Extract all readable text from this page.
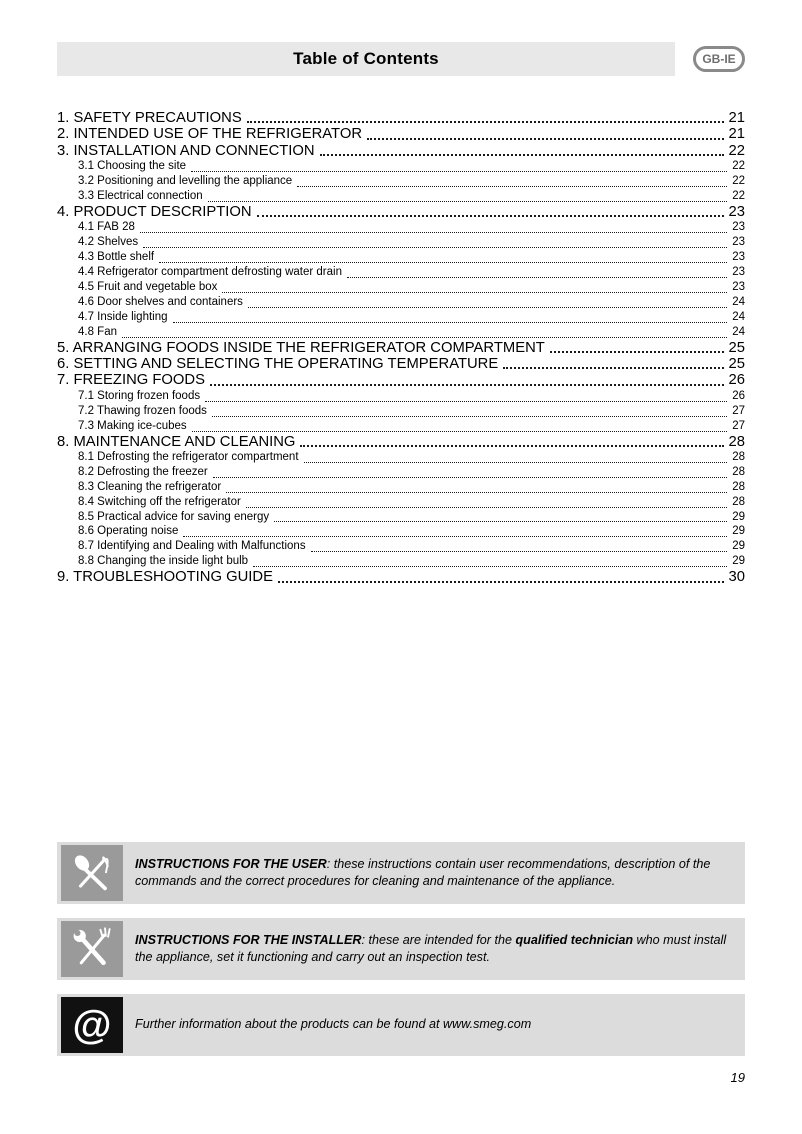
Table of Contents	GB-IE
1. SAFETY PRECAUTIONS	21
2. INTENDED USE OF THE REFRIGERATOR	21
3. INSTALLATION AND CONNECTION	22
3.1 Choosing the site	22
3.2 Positioning and levelling the appliance	22
3.3 Electrical connection	22
4. PRODUCT DESCRIPTION	23
4.1 FAB 28	23
4.2 Shelves	23
4.3 Bottle shelf	23
4.4 Refrigerator compartment defrosting water drain	23
4.5 Fruit and vegetable box	23
4.6 Door shelves and containers	24
4.7 Inside lighting	24
4.8 Fan	24
5. ARRANGING FOODS INSIDE THE REFRIGERATOR COMPARTMENT	25
6. SETTING AND SELECTING THE OPERATING TEMPERATURE	25
7. FREEZING FOODS	26
7.1 Storing frozen foods	26
7.2 Thawing frozen foods	27
7.3 Making ice-cubes	27
8. MAINTENANCE AND CLEANING	28
8.1 Defrosting the refrigerator compartment	28
8.2 Defrosting the freezer	28
8.3 Cleaning the refrigerator	28
8.4 Switching off the refrigerator	28
8.5 Practical advice for saving energy	29
8.6 Operating noise	29
8.7 Identifying and Dealing with Malfunctions	29
8.8 Changing the inside light bulb	29
9. TROUBLESHOOTING GUIDE	30

INSTRUCTIONS FOR THE USER: these instructions contain user recommendations, description of the commands and the correct procedures for cleaning and maintenance of the appliance.

INSTRUCTIONS FOR THE INSTALLER: these are intended for the qualified technician who must install the appliance, set it functioning and carry out an inspection test.

@	Further information about the products can be found at www.smeg.com

19
